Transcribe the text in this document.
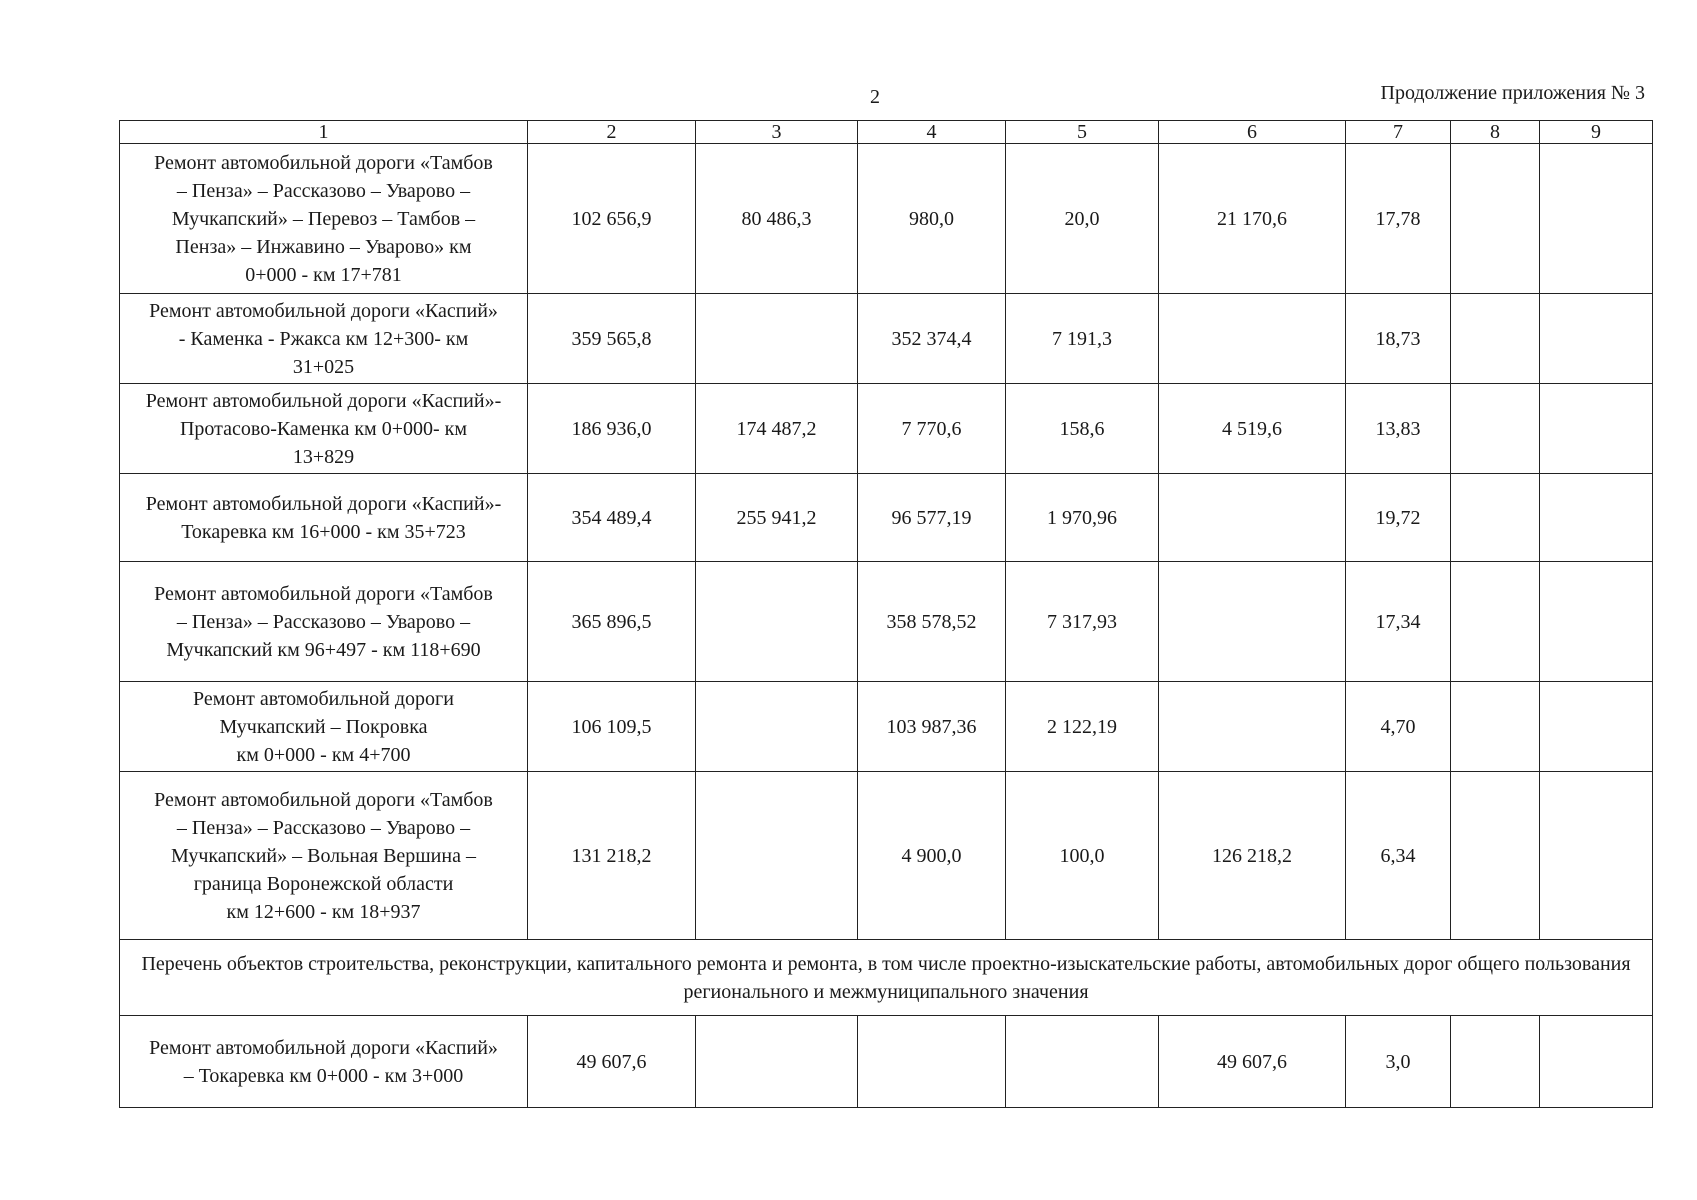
2	Продолжение приложения № 3
1	2	3	4	5	6	7	8	9

Ремонт автомобильной дороги «Тамбов
– Пенза» – Рассказово – Уварово –
Мучкапский» – Перевоз – Тамбов –
Пенза» – Инжавино – Уварово» км
0+000 - км 17+781	102 656,9	80 486,3	980,0	20,0	21 170,6	17,78		

Ремонт автомобильной дороги «Каспий»
- Каменка - Ржакса км 12+300- км
31+025	359 565,8		352 374,4	7 191,3		18,73		

Ремонт автомобильной дороги «Каспий»-
Протасово-Каменка км 0+000- км
13+829	186 936,0	174 487,2	7 770,6	158,6	4 519,6	13,83		

Ремонт автомобильной дороги «Каспий»-
Токаревка км 16+000 - км 35+723	354 489,4	255 941,2	96 577,19	1 970,96		19,72		

Ремонт автомобильной дороги «Тамбов
– Пенза» – Рассказово – Уварово –
Мучкапский км 96+497 - км 118+690	365 896,5		358 578,52	7 317,93		17,34		

Ремонт автомобильной дороги
Мучкапский – Покровка
км 0+000 - км 4+700	106 109,5		103 987,36	2 122,19		4,70		

Ремонт автомобильной дороги «Тамбов
– Пенза» – Рассказово – Уварово –
Мучкапский» – Вольная Вершина –
граница Воронежской области
км 12+600 - км 18+937	131 218,2		4 900,0	100,0	126 218,2	6,34		
Перечень объектов строительства, реконструкции, капитального ремонта и ремонта, в том числе проектно-изыскательские работы, автомобильных дорог общего пользования регионального и межмуниципального значения								

Ремонт автомобильной дороги «Каспий»
– Токаревка км 0+000 - км 3+000	49 607,6				49 607,6	3,0		
